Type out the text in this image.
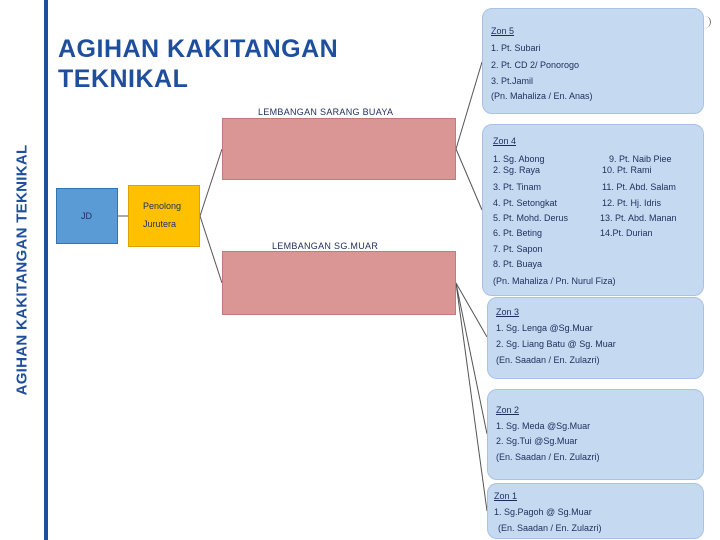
AGIHAN KAKITANGAN TEKNIKAL
AGIHAN KAKITANGAN
TEKNIKAL
JD
Penolong
Jurutera
LEMBANGAN SARANG BUAYA
LEMBANGAN SG.MUAR
Zon 5
1. Pt. Subari
2. Pt. CD 2/ Ponorogo
3. Pt.Jamil
(Pn. Mahaliza / En. Anas)
Zon 4
1. Sg. Abong
2. Sg. Raya
3. Pt. Tinam
4. Pt. Setongkat
5. Pt. Mohd. Derus
6. Pt. Beting
7. Pt. Sapon
8. Pt. Buaya
9. Pt. Naib Piee
10. Pt. Rami
11. Pt. Abd. Salam
12. Pt. Hj. Idris
13. Pt. Abd. Manan
14.Pt. Durian
(Pn. Mahaliza / Pn. Nurul Fiza)
Zon 3
1. Sg. Lenga @Sg.Muar
2. Sg. Liang Batu @ Sg. Muar
(En. Saadan / En. Zulazri)
Zon 2
1. Sg. Meda @Sg.Muar
2. Sg.Tui @Sg.Muar
(En. Saadan / En. Zulazri)
Zon 1
1. Sg.Pagoh @ Sg.Muar
(En. Saadan / En. Zulazri)
